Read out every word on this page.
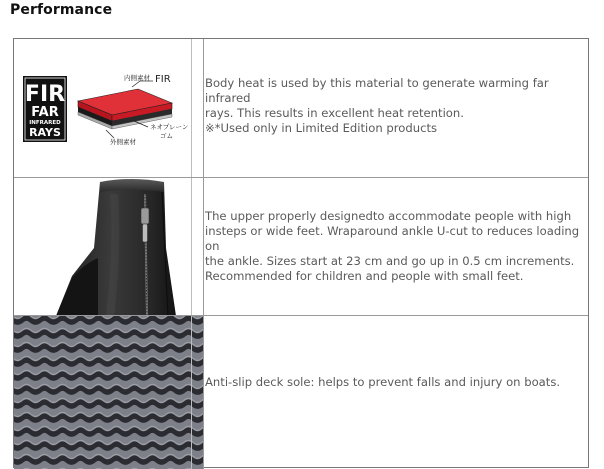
Performance
FIR
FAR
INFRARED
RAYS
内側素材 FIR
ネオプレーン
ゴム
外側素材
Body heat is used by this material to generate warming far infrared
rays. This results in excellent heat retention.
※*Used only in Limited Edition products
The upper properly designedto accommodate people with high
insteps or wide feet. Wraparound ankle U-cut to reduces loading on
the ankle. Sizes start at 23 cm and go up in 0.5 cm increments.
Recommended for children and people with small feet.
Anti-slip deck sole: helps to prevent falls and injury on boats.
